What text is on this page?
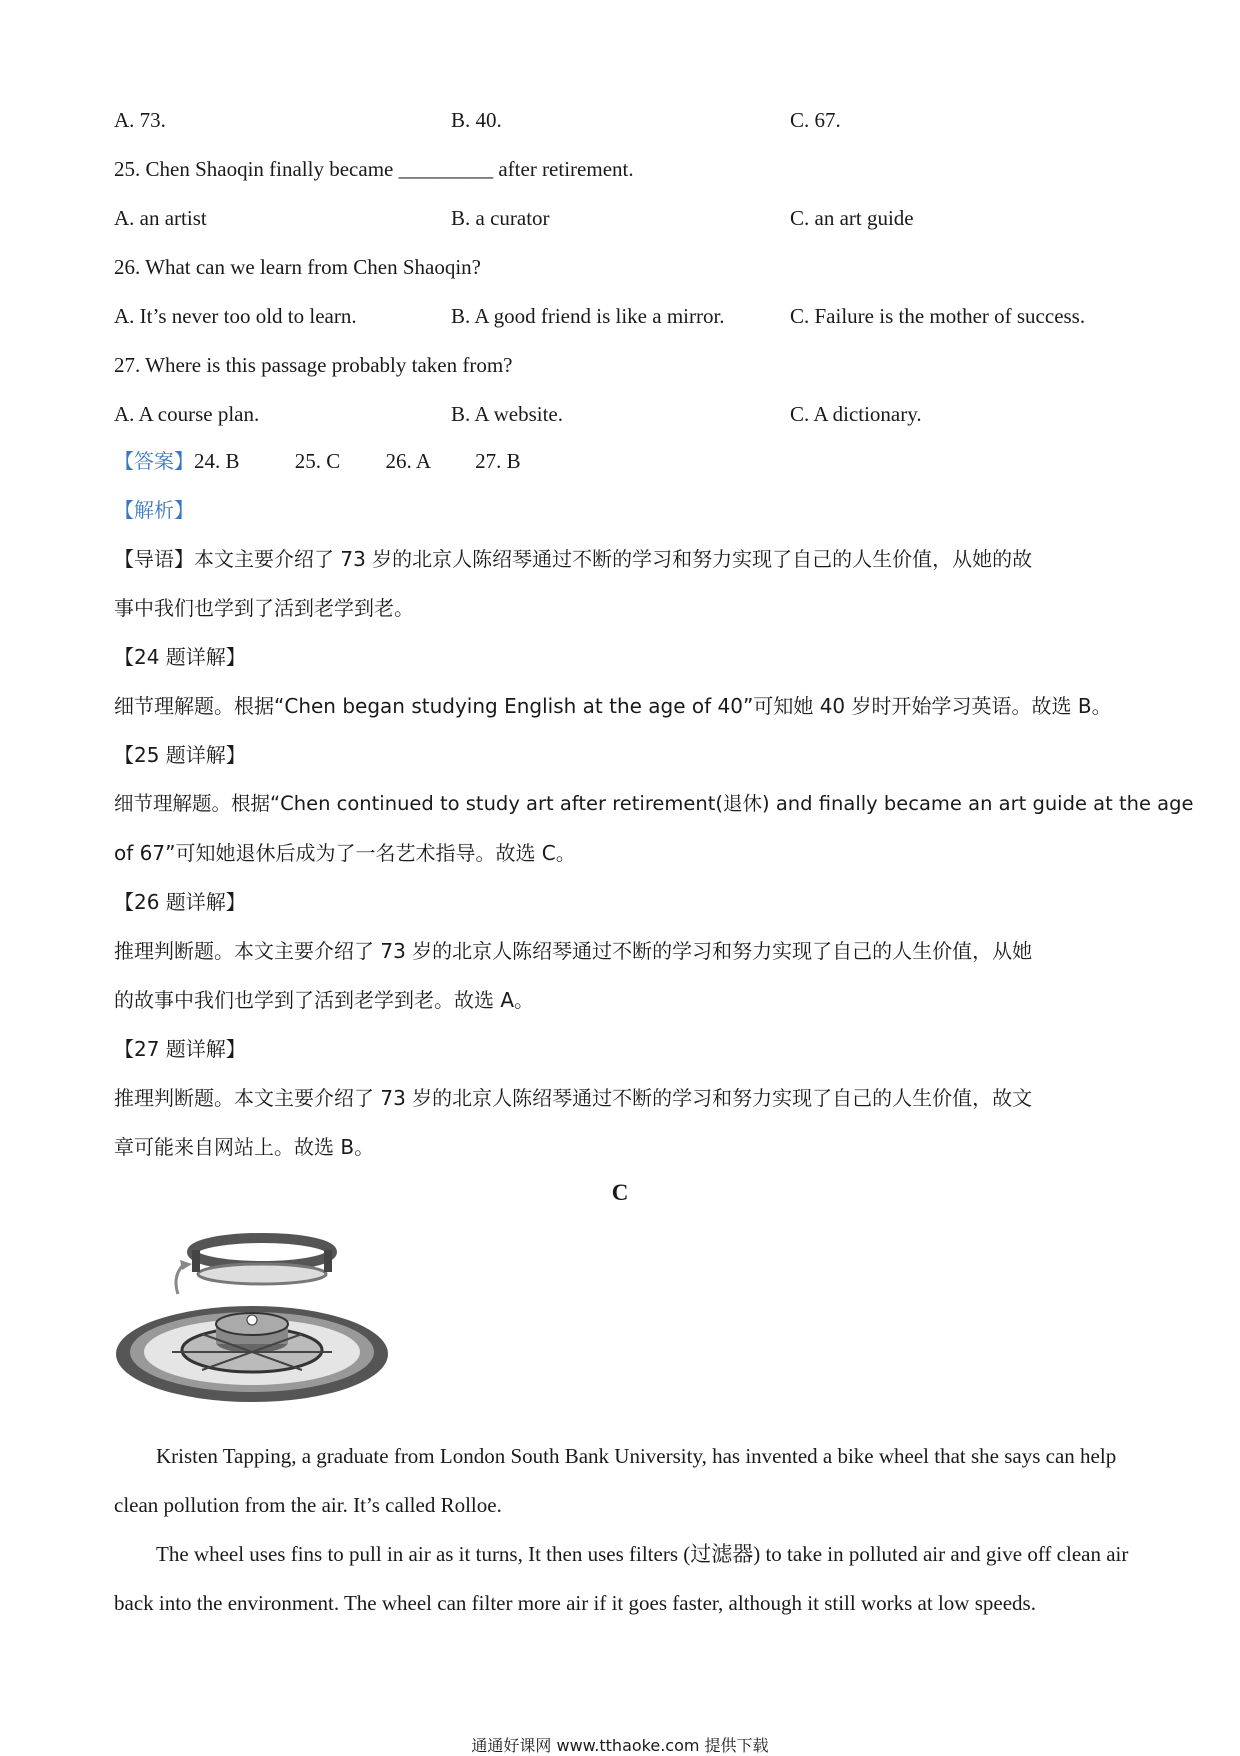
A. 73.	B. 40.	C. 67.
25. Chen Shaoqin finally became _________ after retirement.
A. an artist	B. a curator	C. an art guide
26. What can we learn from Chen Shaoqin?
A. It’s never too old to learn.	B. A good friend is like a mirror.	C. Failure is the mother of success.
27. Where is this passage probably taken from?
A. A course plan.	B. A website.	C. A dictionary.
【答案】24. B	25. C 26. A 27. B
【解析】
【导语】本文主要介绍了 73 岁的北京人陈绍琴通过不断的学习和努力实现了自己的人生价值，从她的故
事中我们也学到了活到老学到老。
【24 题详解】
细节理解题。根据“Chen began studying English at the age of 40”可知她 40 岁时开始学习英语。故选 B。
【25 题详解】
细节理解题。根据“Chen continued to study art after retirement(退休) and finally became an art guide at the age
of 67”可知她退休后成为了一名艺术指导。故选 C。
【26 题详解】
推理判断题。本文主要介绍了 73 岁的北京人陈绍琴通过不断的学习和努力实现了自己的人生价值，从她
的故事中我们也学到了活到老学到老。故选 A。
【27 题详解】
推理判断题。本文主要介绍了 73 岁的北京人陈绍琴通过不断的学习和努力实现了自己的人生价值，故文
章可能来自网站上。故选 B。
C
Kristen Tapping, a graduate from London South Bank University, has invented a bike wheel that she says can help clean pollution from the air. It’s called Rolloe.
The wheel uses fins to pull in air as it turns, It then uses filters (过滤器) to take in polluted air and give off clean air back into the environment. The wheel can filter more air if it goes faster, although it still works at low speeds.
通通好课网 www.tthaoke.com 提供下载
